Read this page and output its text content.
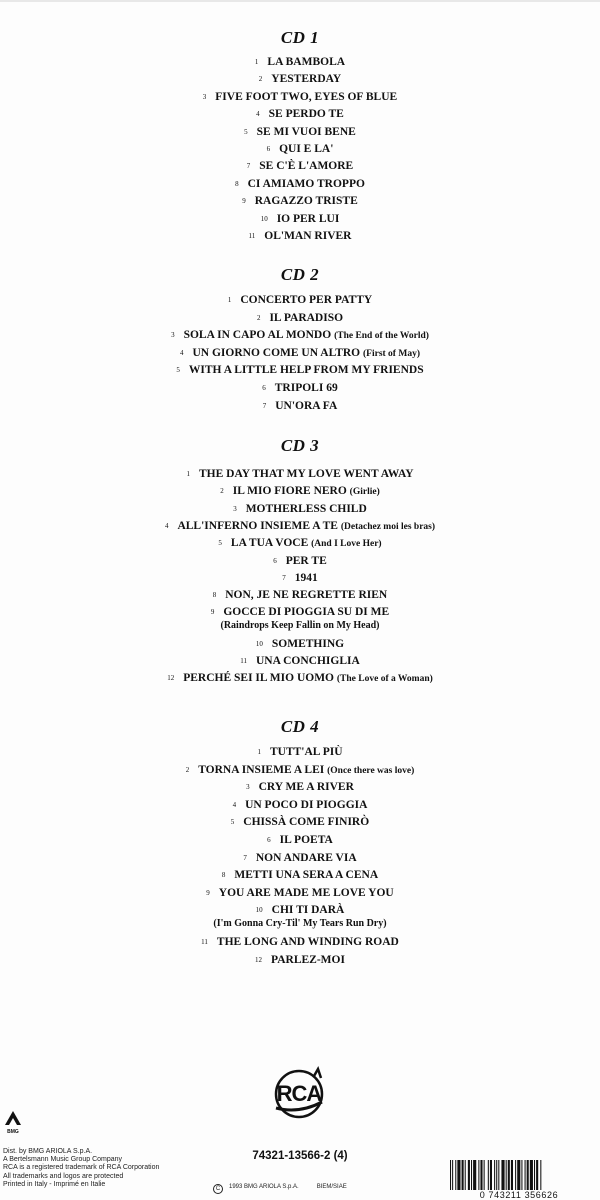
CD 1
1 LA BAMBOLA
2 YESTERDAY
3 FIVE FOOT TWO, EYES OF BLUE
4 SE PERDO TE
5 SE MI VUOI BENE
6 QUI E LA'
7 SE C'È L'AMORE
8 CI AMIAMO TROPPO
9 RAGAZZO TRISTE
10 IO PER LUI
11 OL'MAN RIVER
CD 2
1 CONCERTO PER PATTY
2 IL PARADISO
3 SOLA IN CAPO AL MONDO (The End of the World)
4 UN GIORNO COME UN ALTRO (First of May)
5 WITH A LITTLE HELP FROM MY FRIENDS
6 TRIPOLI 69
7 UN'ORA FA
CD 3
1 THE DAY THAT MY LOVE WENT AWAY
2 IL MIO FIORE NERO (Girlie)
3 MOTHERLESS CHILD
4 ALL'INFERNO INSIEME A TE (Detachez moi les bras)
5 LA TUA VOCE (And I Love Her)
6 PER TE
7 1941
8 NON, JE NE REGRETTE RIEN
9 GOCCE DI PIOGGIA SU DI ME
(Raindrops Keep Fallin on My Head)
10 SOMETHING
11 UNA CONCHIGLIA
12 PERCHÉ SEI IL MIO UOMO (The Love of a Woman)
CD 4
1 TUTT'AL PIÙ
2 TORNA INSIEME A LEI (Once there was love)
3 CRY ME A RIVER
4 UN POCO DI PIOGGIA
5 CHISSÀ COME FINIRÒ
6 IL POETA
7 NON ANDARE VIA
8 METTI UNA SERA A CENA
9 YOU ARE MADE ME LOVE YOU
10 CHI TI DARÀ
(I'm Gonna Cry-Til' My Tears Run Dry)
11 THE LONG AND WINDING ROAD
12 PARLEZ-MOI
BMG
Dist. by BMG ARIOLA S.p.A.
A Bertelsmann Music Group Company
RCA is a registered trademark of RCA Corporation
All trademarks and logos are protected
Printed in Italy - Imprimé en Italie
RCA
74321-13566-2 (4)
C 1993 BMG ARIOLA S.p.A.	BIEM/SIAE
0 743211 356626
